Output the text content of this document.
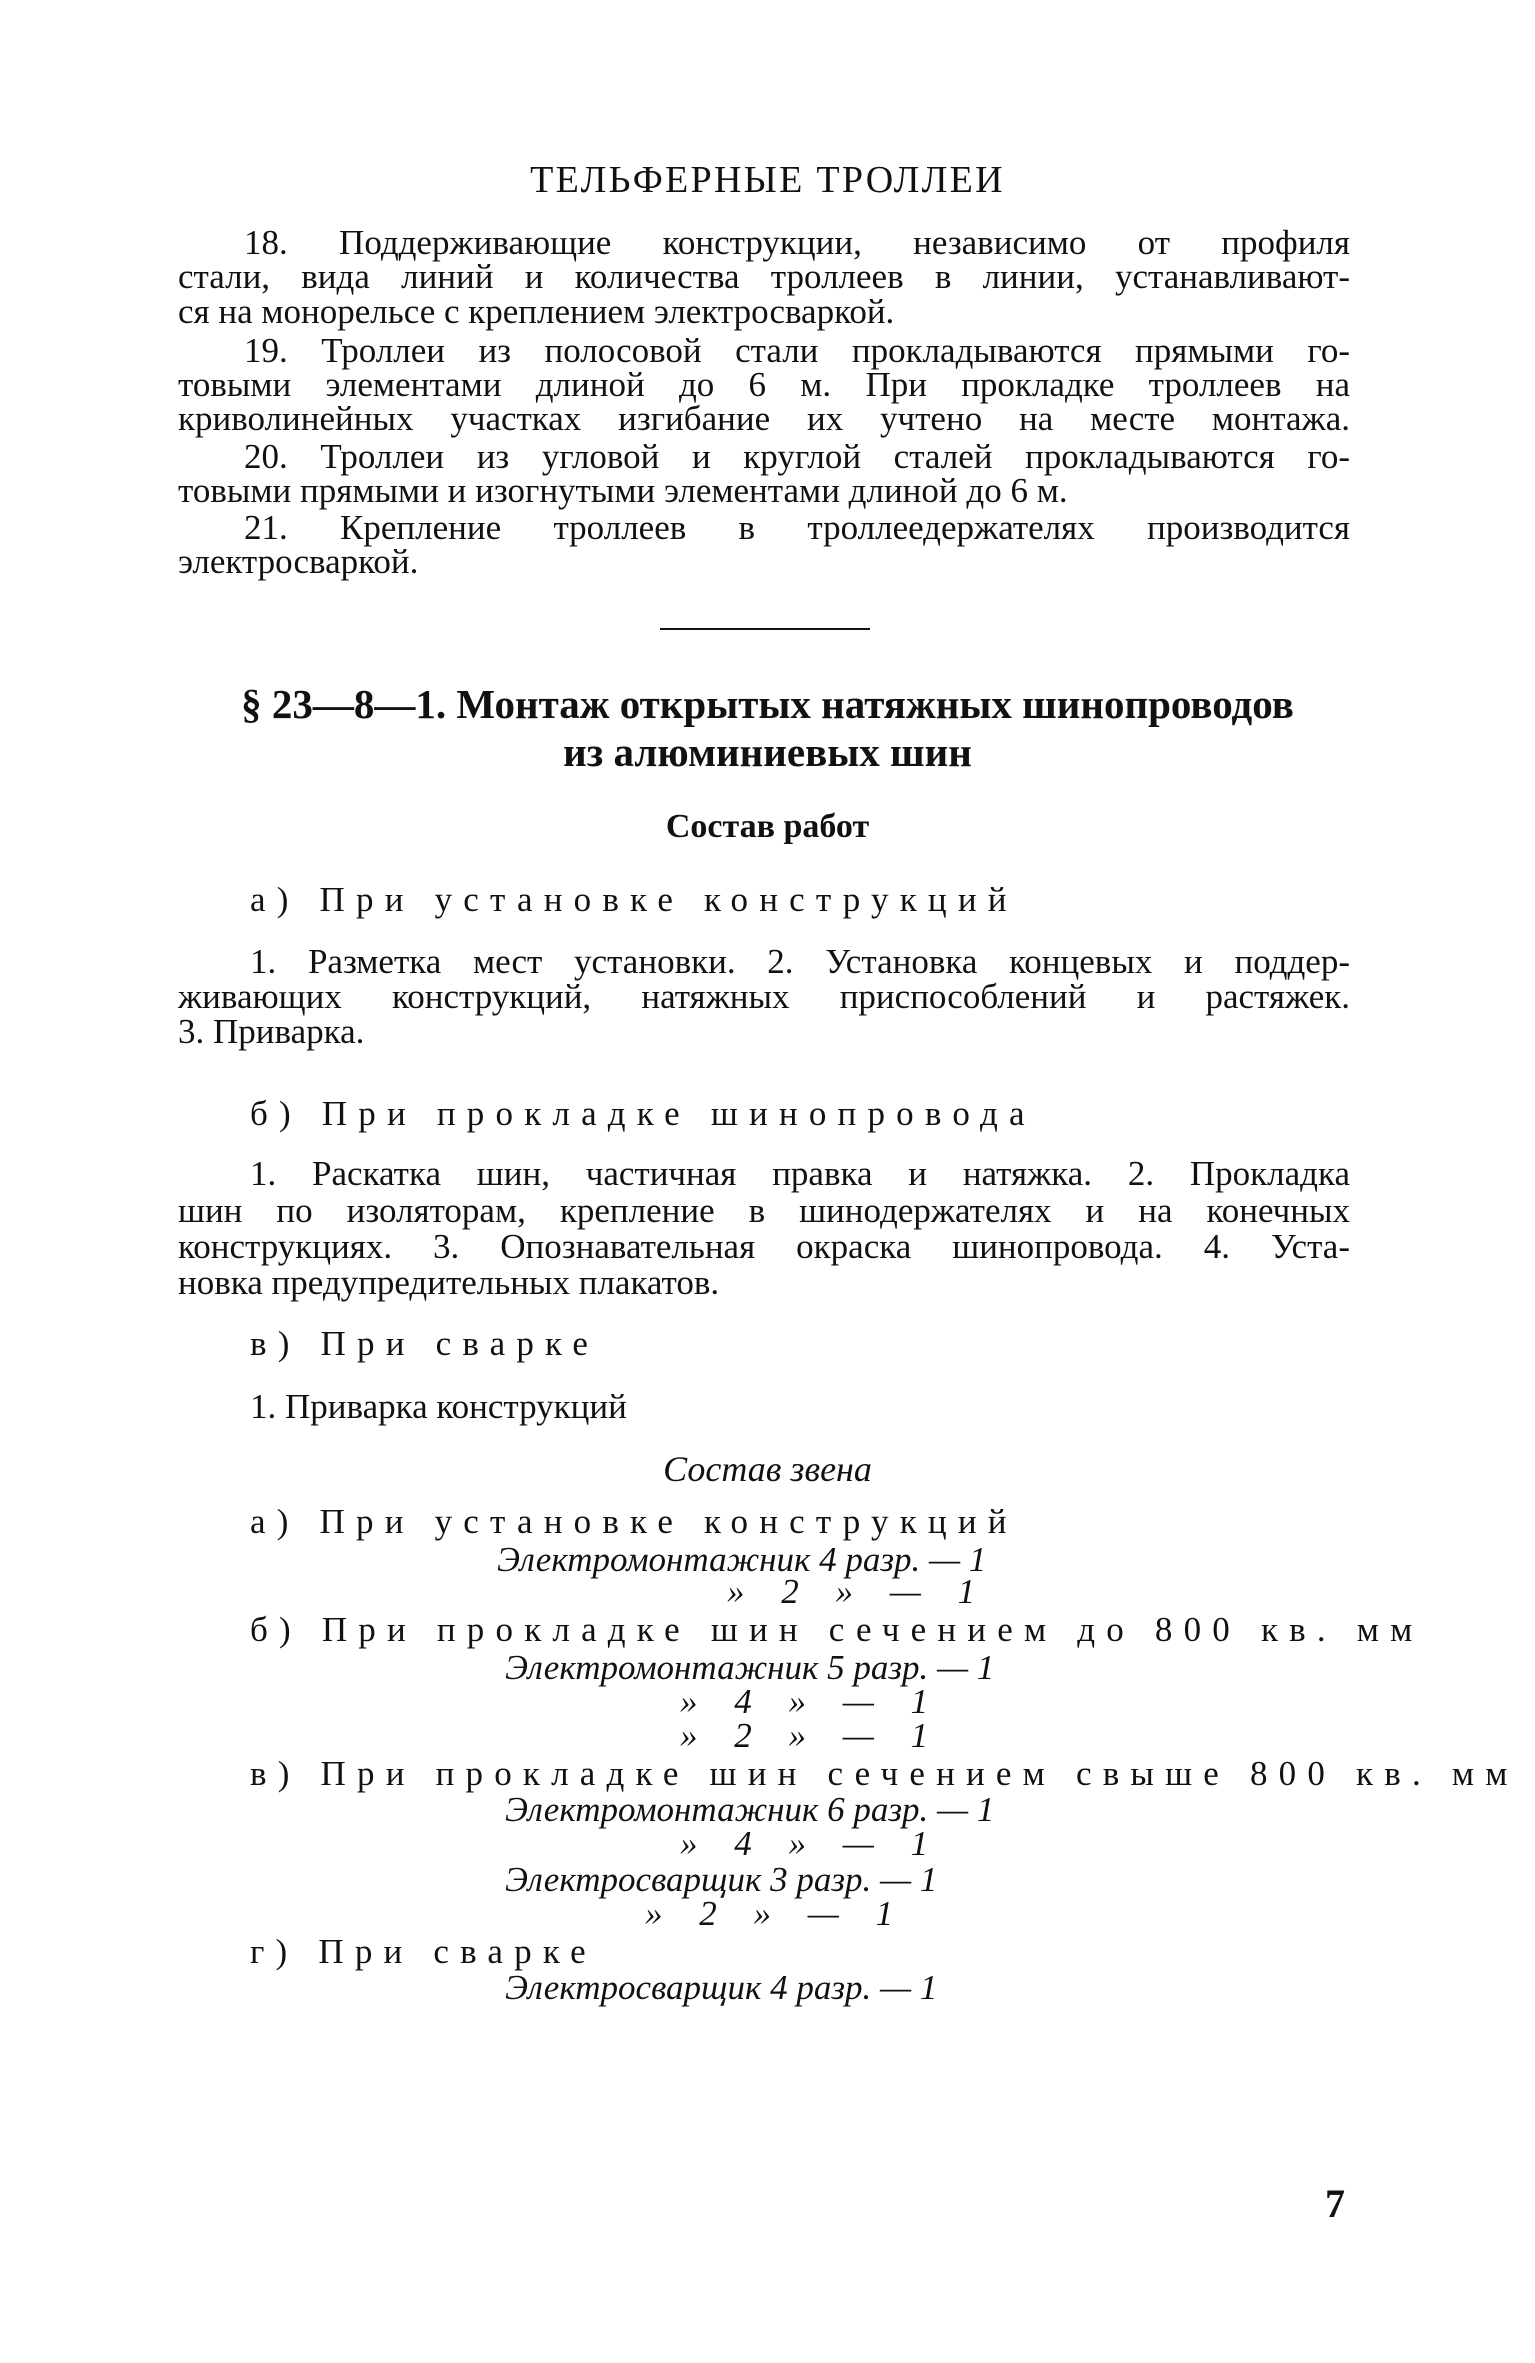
ТЕЛЬФЕРНЫЕ ТРОЛЛЕИ
18. Поддерживающие конструкции, независимо от профиля
стали, вида линий и количества троллеев в линии, устанавливают-
ся на монорельсе с креплением электросваркой.
19. Троллеи из полосовой стали прокладываются прямыми го-
товыми элементами длиной до 6 м. При прокладке троллеев на
криволинейных участках изгибание их учтено на месте монтажа.
20. Троллеи из угловой и круглой сталей прокладываются го-
товыми прямыми и изогнутыми элементами длиной до 6 м.
21. Крепление троллеев в троллеедержателях производится
электросваркой.
§ 23—8—1. Монтаж открытых натяжных шинопроводов
из алюминиевых шин
Состав работ
а) При установке конструкций
1. Разметка мест установки. 2. Установка концевых и поддер-
живающих конструкций, натяжных приспособлений и растяжек.
3. Приварка.
б) При прокладке шинопровода
1. Раскатка шин, частичная правка и натяжка. 2. Прокладка
шин по изоляторам, крепление в шинодержателях и на конечных
конструкциях. 3. Опознавательная окраска шинопровода. 4. Уста-
новка предупредительных плакатов.
в) При сварке
1. Приварка конструкций
Состав звена
а) При установке конструкций
Электромонтажник 4 разр. — 1
» 2 » — 1
б) При прокладке шин сечением до 800 кв. мм
Электромонтажник 5 разр. — 1
» 4 » — 1
» 2 » — 1
в) При прокладке шин сечением свыше 800 кв. мм
Электромонтажник 6 разр. — 1
» 4 » — 1
Электросварщик 3 разр. — 1
» 2 » — 1
г) При сварке
Электросварщик 4 разр. — 1
7
